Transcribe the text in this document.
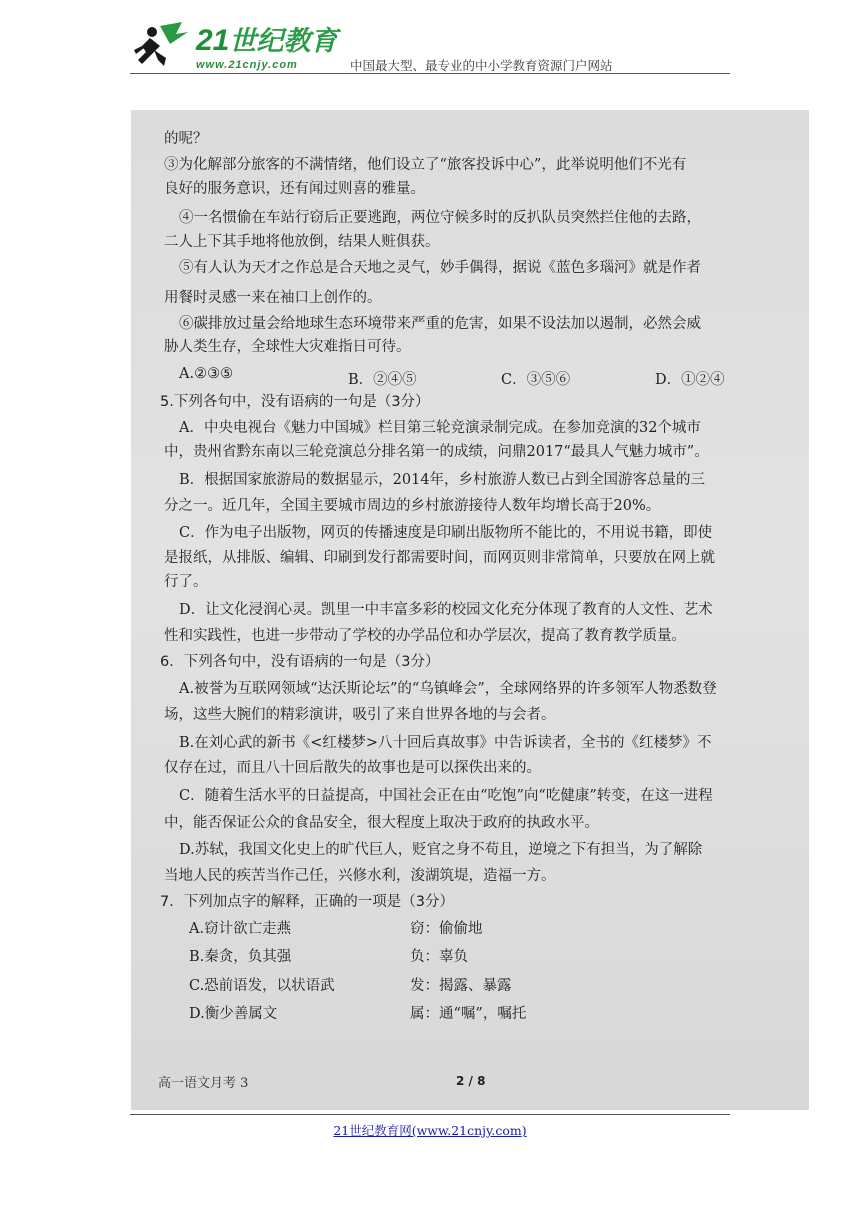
21世纪教育
www.21cnjy.com	中国最大型、最专业的中小学教育资源门户网站
的呢？
③为化解部分旅客的不满情绪，他们设立了“旅客投诉中心”，此举说明他们不光有
良好的服务意识，还有闻过则喜的雅量。
④一名惯偷在车站行窃后正要逃跑，两位守候多时的反扒队员突然拦住他的去路，
二人上下其手地将他放倒，结果人赃俱获。
⑤有人认为天才之作总是合天地之灵气，妙手偶得，据说《蓝色多瑙河》就是作者
用餐时灵感一来在袖口上创作的。
⑥碳排放过量会给地球生态环境带来严重的危害，如果不设法加以遏制，必然会威
胁人类生存，全球性大灾难指日可待。
A.②③⑤	B．②④⑤	C．③⑤⑥	D．①②④
5.下列各句中，没有语病的一句是（3分）
A．中央电视台《魅力中国城》栏目第三轮竞演录制完成。在参加竞演的32个城市
中，贵州省黔东南以三轮竞演总分排名第一的成绩，问鼎2017“最具人气魅力城市”。
B．根据国家旅游局的数据显示，2014年，乡村旅游人数已占到全国游客总量的三
分之一。近几年，全国主要城市周边的乡村旅游接待人数年均增长高于20%。
C．作为电子出版物，网页的传播速度是印刷出版物所不能比的，不用说书籍，即使
是报纸，从排版、编辑、印刷到发行都需要时间，而网页则非常简单，只要放在网上就
行了。
D．让文化浸润心灵。凯里一中丰富多彩的校园文化充分体现了教育的人文性、艺术
性和实践性，也进一步带动了学校的办学品位和办学层次，提高了教育教学质量。
6．下列各句中，没有语病的一句是（3分）
A.被誉为互联网领域“达沃斯论坛”的“乌镇峰会”，全球网络界的许多领军人物悉数登
场，这些大腕们的精彩演讲，吸引了来自世界各地的与会者。
B.在刘心武的新书《<红楼梦>八十回后真故事》中告诉读者，全书的《红楼梦》不
仅存在过，而且八十回后散失的故事也是可以探佚出来的。
C．随着生活水平的日益提高，中国社会正在由“吃饱”向“吃健康”转变，在这一进程
中，能否保证公众的食品安全，很大程度上取决于政府的执政水平。
D.苏轼，我国文化史上的旷代巨人，贬官之身不苟且，逆境之下有担当，为了解除
当地人民的疾苦当作己任，兴修水利，浚湖筑堤，造福一方。
7．下列加点字的解释，正确的一项是（3分）
A.窃计欲亡走燕	窃：偷偷地
B.秦贪，负其强	负：辜负
C.恐前语发，以状语武	发：揭露、暴露
D.衡少善属文	属：通“嘱”，嘱托
高一语文月考 3	2 / 8
21世纪教育网(www.21cnjy.com)
